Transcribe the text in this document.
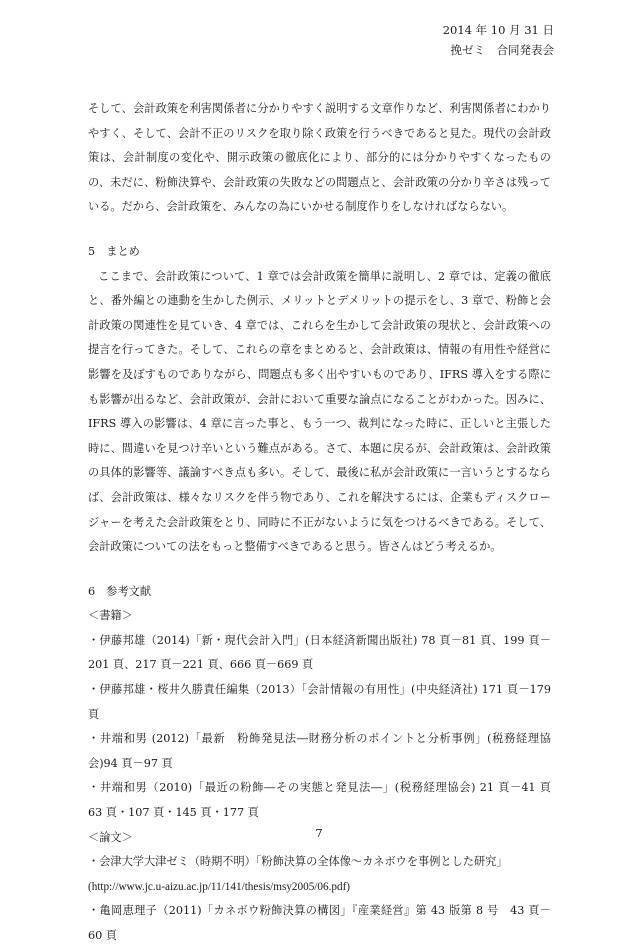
2014 年 10 月 31 日
挽ゼミ　合同発表会

そして、会計政策を利害関係者に分かりやすく説明する文章作りなど、利害関係者にわかりやすく、そして、会計不正のリスクを取り除く政策を行うべきであると見た。現代の会計政策は、会計制度の変化や、開示政策の徹底化により、部分的には分かりやすくなったものの、未だに、粉飾決算や、会計政策の失敗などの問題点と、会計政策の分かり辛さは残っている。だから、会計政策を、みんなの為にいかせる制度作りをしなければならない。

5　まとめ

ここまで、会計政策について、1 章では会計政策を簡単に説明し、2 章では、定義の徹底と、番外編との連動を生かした例示、メリットとデメリットの提示をし、3 章で、粉飾と会計政策の関連性を見ていき、4 章では、これらを生かして会計政策の現状と、会計政策への提言を行ってきた。そして、これらの章をまとめると、会計政策は、情報の有用性や経営に影響を及ぼすものでありながら、問題点も多く出やすいものであり、IFRS 導入をする際にも影響が出るなど、会計政策が、会計において重要な論点になることがわかった。因みに、IFRS 導入の影響は、4 章に言った事と、もう一つ、裁判になった時に、正しいと主張した時に、間違いを見つけ辛いという難点がある。さて、本題に戻るが、会計政策は、会計政策の具体的影響等、議論すべき点も多い。そして、最後に私が会計政策に一言いうとするならば、会計政策は、様々なリスクを伴う物であり、これを解決するには、企業もディスクロージャーを考えた会計政策をとり、同時に不正がないように気をつけるべきである。そして、会計政策についての法をもっと整備すべきであると思う。皆さんはどう考えるか。

6　参考文献

＜書籍＞

・伊藤邦雄（2014)「新・現代会計入門」(日本経済新聞出版社) 78 頁－81 頁、199 頁－201 頁、217 頁－221 頁、666 頁－669 頁

・伊藤邦雄・桜井久勝責任編集（2013）「会計情報の有用性」(中央経済社) 171 頁－179 頁

・井端和男 (2012)「最新　粉飾発見法―財務分析のポイントと分析事例」(税務経理協会)94 頁－97 頁

・井端和男（2010)「最近の粉飾―その実態と発見法―」(税務経理協会) 21 頁－41 頁　63 頁・107 頁・145 頁・177 頁

＜論文＞

・会津大学大津ゼミ（時期不明）「粉飾決算の全体像～カネボウを事例とした研究」

(http://www.jc.u-aizu.ac.jp/11/141/thesis/msy2005/06.pdf)

・亀岡恵理子（2011)「カネボウ粉飾決算の構図」『産業経営』第 43 版第 8 号　43 頁－60 頁

7
